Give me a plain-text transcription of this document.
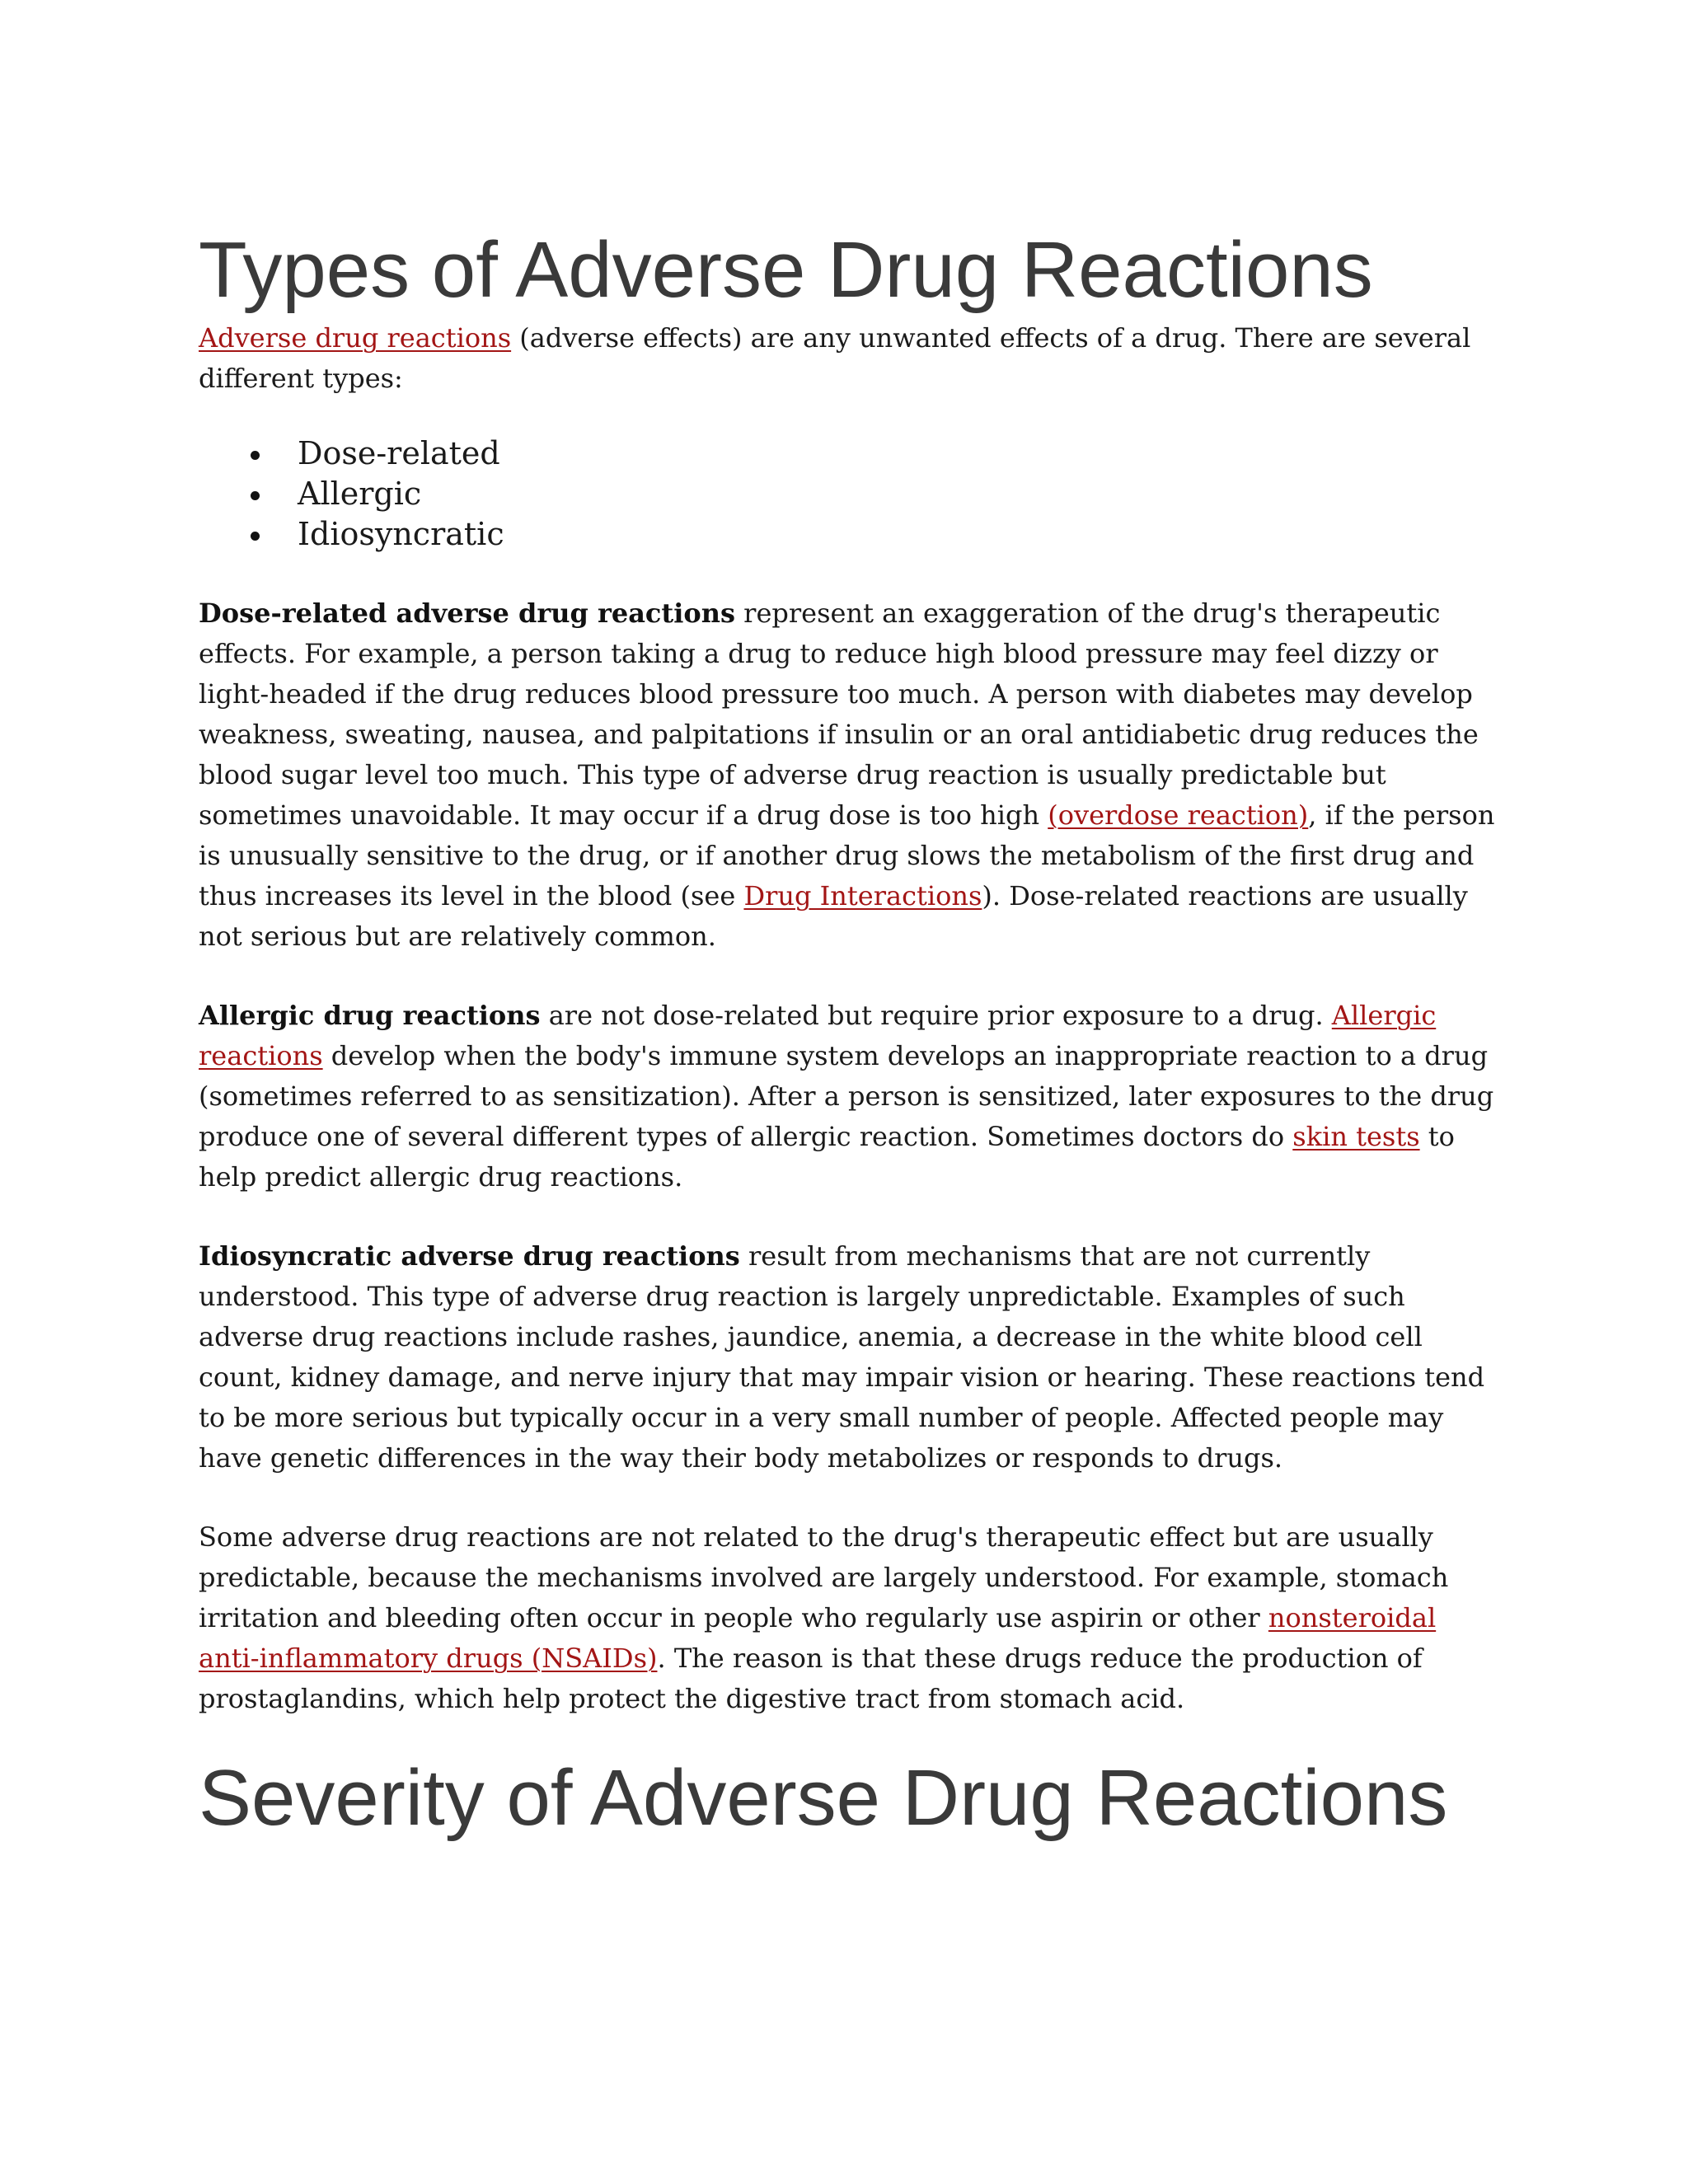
Types of Adverse Drug Reactions

Adverse drug reactions (adverse effects) are any unwanted effects of a drug. There are several different types:

Dose-related
Allergic
Idiosyncratic

Dose-related adverse drug reactions represent an exaggeration of the drug's therapeutic effects. For example, a person taking a drug to reduce high blood pressure may feel dizzy or light-headed if the drug reduces blood pressure too much. A person with diabetes may develop weakness, sweating, nausea, and palpitations if insulin or an oral antidiabetic drug reduces the blood sugar level too much. This type of adverse drug reaction is usually predictable but sometimes unavoidable. It may occur if a drug dose is too high (overdose reaction), if the person is unusually sensitive to the drug, or if another drug slows the metabolism of the first drug and thus increases its level in the blood (see Drug Interactions). Dose-related reactions are usually not serious but are relatively common.

Allergic drug reactions are not dose-related but require prior exposure to a drug. Allergic reactions develop when the body's immune system develops an inappropriate reaction to a drug (sometimes referred to as sensitization). After a person is sensitized, later exposures to the drug produce one of several different types of allergic reaction. Sometimes doctors do skin tests to help predict allergic drug reactions.

Idiosyncratic adverse drug reactions result from mechanisms that are not currently understood. This type of adverse drug reaction is largely unpredictable. Examples of such adverse drug reactions include rashes, jaundice, anemia, a decrease in the white blood cell count, kidney damage, and nerve injury that may impair vision or hearing. These reactions tend to be more serious but typically occur in a very small number of people. Affected people may have genetic differences in the way their body metabolizes or responds to drugs.

Some adverse drug reactions are not related to the drug's therapeutic effect but are usually predictable, because the mechanisms involved are largely understood. For example, stomach irritation and bleeding often occur in people who regularly use aspirin or other nonsteroidal anti-inflammatory drugs (NSAIDs). The reason is that these drugs reduce the production of prostaglandins, which help protect the digestive tract from stomach acid.

Severity of Adverse Drug Reactions
